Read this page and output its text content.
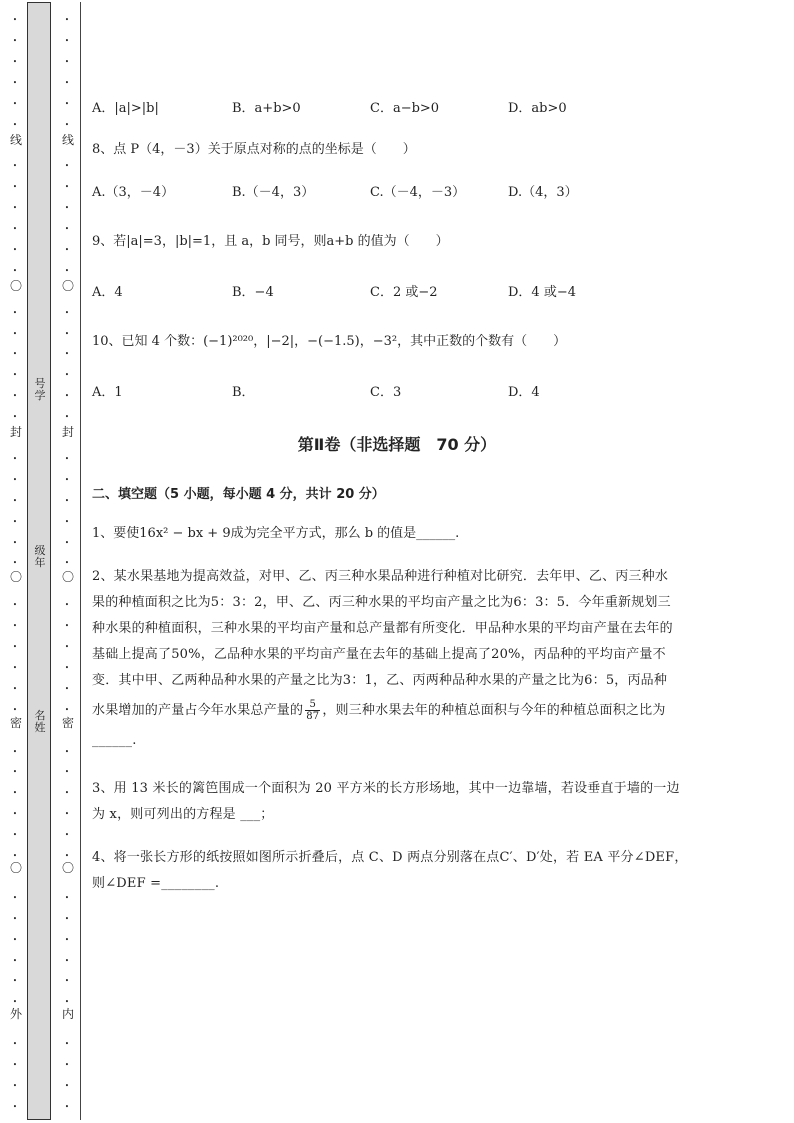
•
•
•
•
•
•
•
•
•
•
•
•
•
•
•
•
•
•
•
•
•
•
•
•
•
•
•
•
•
•
•
•
•
•
•
•
•
•
•
•
•
•
•
•
•
•
线
〇
封
〇
密
〇
外
•
•
•
•
•
•
•
•
•
•
•
•
•
•
•
•
•
•
•
•
•
•
•
•
•
•
•
•
•
•
•
•
•
•
•
•
•
•
•
•
•
•
•
•
•
•
线
〇
封
〇
密
〇
内
号
学
级
年
名
姓
A．|a|>|b|	B．a+b>0	C．a−b>0	D．ab>0
8、点 P（4，－3）关于原点对称的点的坐标是（　　）
A.（3，－4）	B.（－4，3）	C.（－4，－3）	D.（4，3）
9、若|a|=3，|b|=1，且 a，b 同号，则a+b 的值为（　　）
A．4	B．−4	C．2 或−2	D．4 或−4
10、已知 4 个数：(−1)²⁰²⁰，|−2|，−(−1.5)，−3²，其中正数的个数有（　　）
A．1	B．	C．3	D．4
第Ⅱ卷（非选择题　70 分）
二、填空题（5 小题，每小题 4 分，共计 20 分）
1、要使16x² − bx + 9成为完全平方式，那么 b 的值是______.
2、某水果基地为提高效益，对甲、乙、丙三种水果品种进行种植对比研究．去年甲、乙、丙三种水
果的种植面积之比为5：3：2，甲、乙、丙三种水果的平均亩产量之比为6：3：5．今年重新规划三
种水果的种植面积，三种水果的平均亩产量和总产量都有所变化．甲品种水果的平均亩产量在去年的
基础上提高了50%，乙品种水果的平均亩产量在去年的基础上提高了20%，丙品种的平均亩产量不
变．其中甲、乙两种品种水果的产量之比为3：1，乙、丙两种品种水果的产量之比为6：5，丙品种
水果增加的产量占今年水果总产量的 $\frac{5}{87}$ ，则三种水果去年的种植总面积与今年的种植总面积之比为
______.
3、用 13 米长的篱笆围成一个面积为 20 平方米的长方形场地，其中一边靠墙，若设垂直于墙的一边
为 x，则可列出的方程是 ___；
4、将一张长方形的纸按照如图所示折叠后，点 C、D 两点分别落在点C′、D′处，若 EA 平分∠DEF，
则∠DEF =________.
